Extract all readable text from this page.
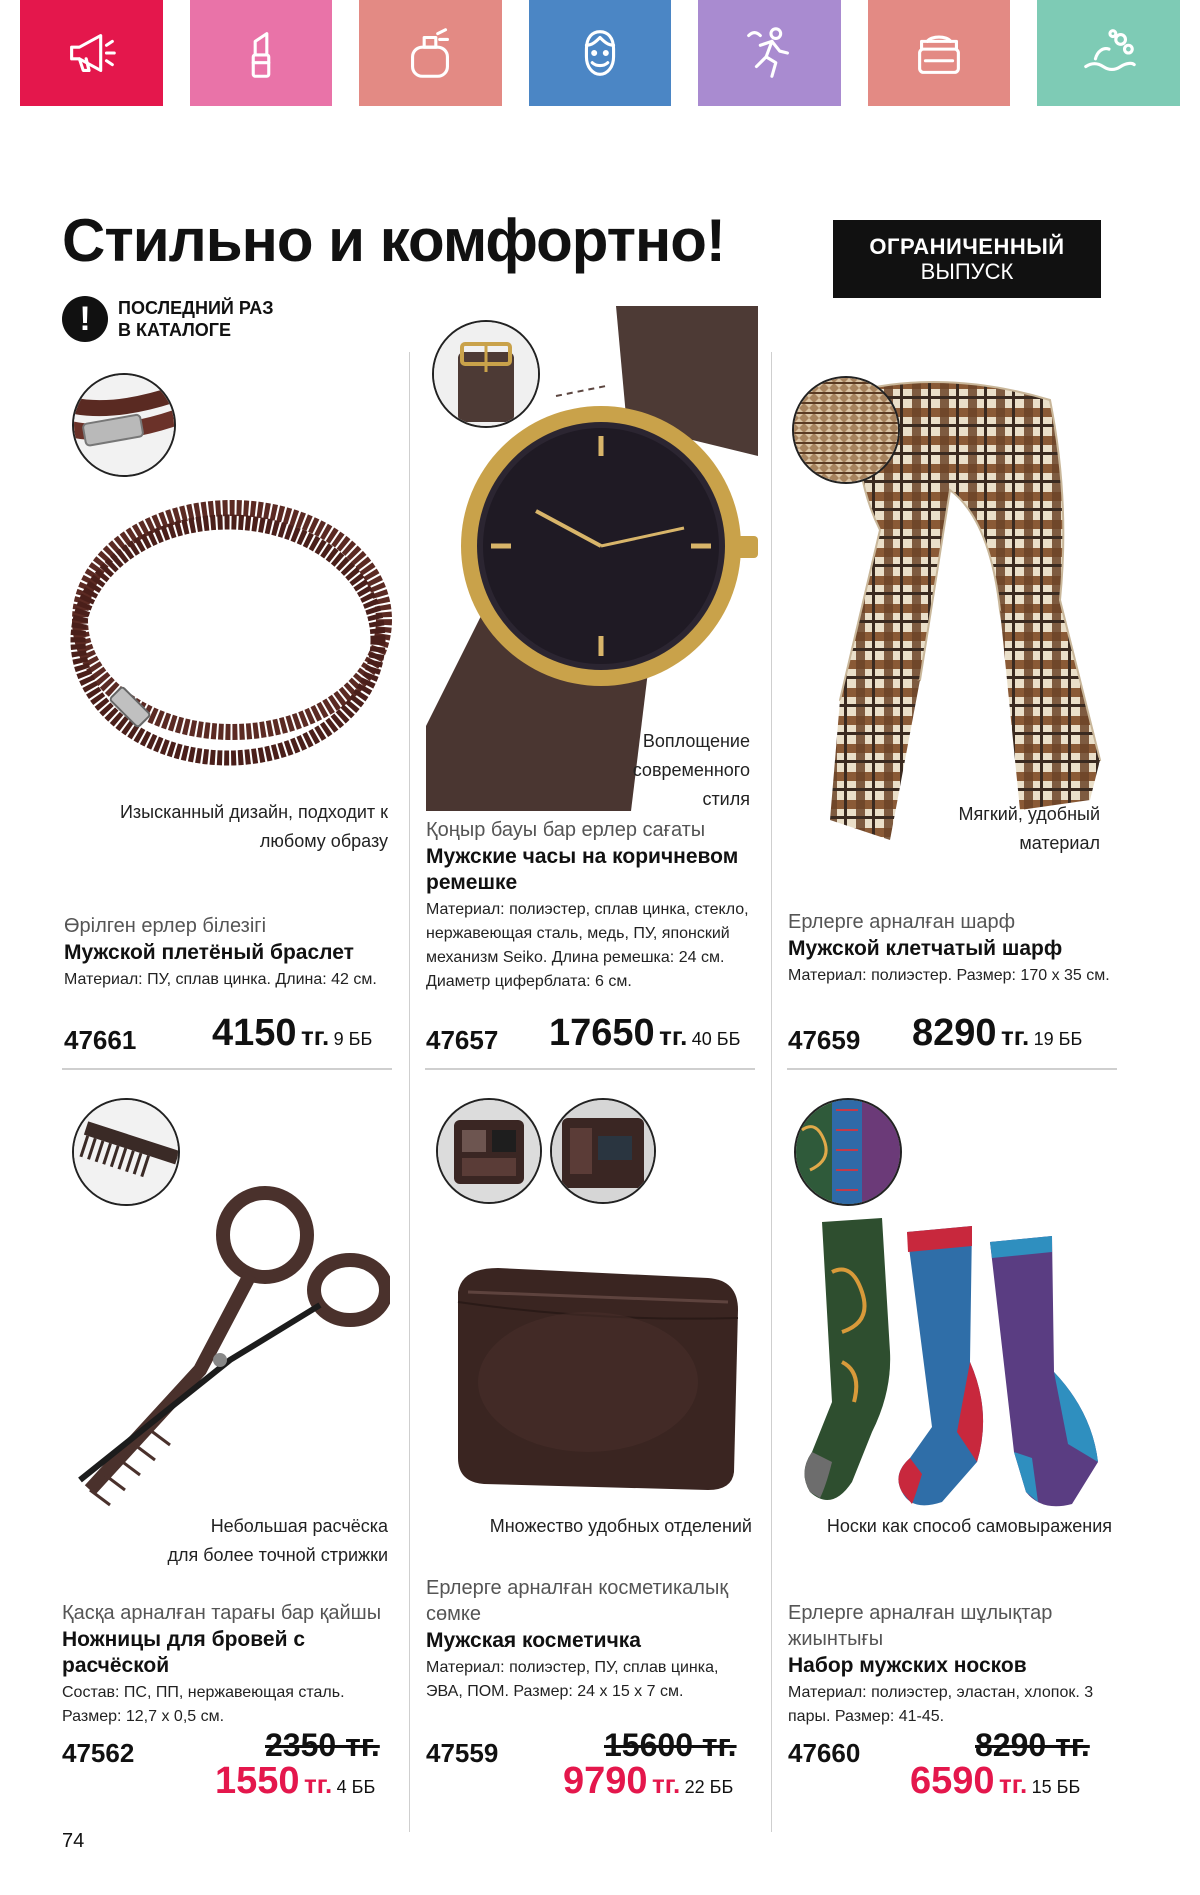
Стильно и комфортно!	ОГРАНИЧЕННЫЙ
ВЫПУСК
!	ПОСЛЕДНИЙ РАЗ
В КАТАЛОГЕ
Изысканный дизайн, подходит к
любому образу
Өрілген ерлер білезігі
Мужской плетёный браслет
Материал: ПУ, сплав цинка. Длина: 42 см.
47661 4150 тг. 9 ББ
Воплощение
современного
стиля
Қоңыр бауы бар ерлер сағаты
Мужские часы на коричневом ремешке
Материал: полиэстер, сплав цинка, стекло, нержавеющая сталь, медь, ПУ, японский механизм Seiko. Длина ремешка: 24 см. Диаметр циферблата: 6 см.
47657 17650 тг. 40 ББ
Мягкий, удобный
материал
Ерлерге арналған шарф
Мужской клетчатый шарф
Материал: полиэстер. Размер: 170 x 35 см.
47659 8290 тг. 19 ББ
Небольшая расчёска
для более точной стрижки
Қасқа арналған тарағы бар қайшы
Ножницы для бровей с расчёской
Состав: ПС, ПП, нержавеющая сталь. Размер: 12,7 x 0,5 см.
47562	2350 тг.
1550 тг. 4 ББ
Множество удобных отделений
Ерлерге арналған косметикалық сөмке
Мужская косметичка
Материал: полиэстер, ПУ, сплав цинка, ЭВА, ПОМ. Размер: 24 x 15 x 7 см.
47559	15600 тг.
9790 тг. 22 ББ
Носки как способ самовыражения
Ерлерге арналған шұлықтар жиынтығы
Набор мужских носков
Материал: полиэстер, эластан, хлопок. 3 пары. Размер: 41-45.
47660	8290 тг.
6590 тг. 15 ББ
74
